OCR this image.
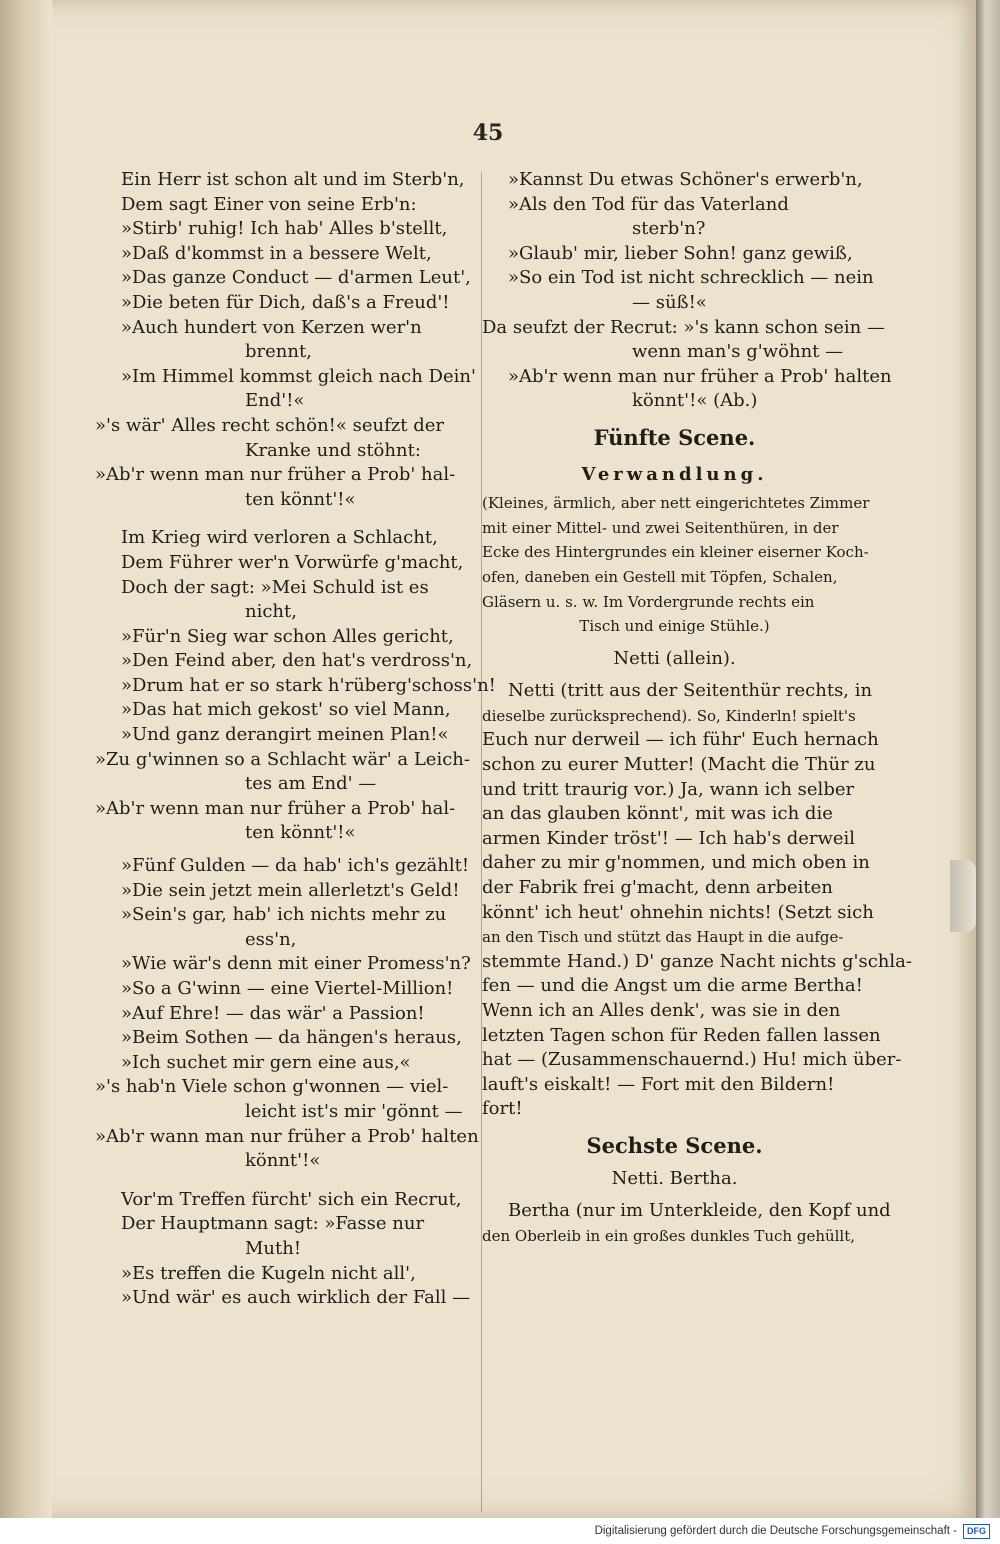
45
Ein Herr ist schon alt und im Sterb'n,
Dem sagt Einer von seine Erb'n:
»Stirb' ruhig! Ich hab' Alles b'stellt,
»Daß d'kommst in a bessere Welt,
»Das ganze Conduct — d'armen Leut',
»Die beten für Dich, daß's a Freud'!
»Auch hundert von Kerzen wer'n
brennt,
»Im Himmel kommst gleich nach Dein'
End'!«
»'s wär' Alles recht schön!« seufzt der
Kranke und stöhnt:
»Ab'r wenn man nur früher a Prob' hal-
ten könnt'!«
Im Krieg wird verloren a Schlacht,
Dem Führer wer'n Vorwürfe g'macht,
Doch der sagt: »Mei Schuld ist es
nicht,
»Für'n Sieg war schon Alles gericht,
»Den Feind aber, den hat's verdross'n,
»Drum hat er so stark h'rüberg'schoss'n!
»Das hat mich gekost' so viel Mann,
»Und ganz derangirt meinen Plan!«
»Zu g'winnen so a Schlacht wär' a Leich-
tes am End' —
»Ab'r wenn man nur früher a Prob' hal-
ten könnt'!«
»Fünf Gulden — da hab' ich's gezählt!
»Die sein jetzt mein allerletzt's Geld!
»Sein's gar, hab' ich nichts mehr zu
ess'n,
»Wie wär's denn mit einer Promess'n?
»So a G'winn — eine Viertel-Million!
»Auf Ehre! — das wär' a Passion!
»Beim Sothen — da hängen's heraus,
»Ich suchet mir gern eine aus,«
»'s hab'n Viele schon g'wonnen — viel-
leicht ist's mir 'gönnt —
»Ab'r wann man nur früher a Prob' halten
könnt'!«
Vor'm Treffen fürcht' sich ein Recrut,
Der Hauptmann sagt: »Fasse nur
Muth!
»Es treffen die Kugeln nicht all',
»Und wär' es auch wirklich der Fall —
»Kannst Du etwas Schöner's erwerb'n,
»Als den Tod für das Vaterland
sterb'n?
»Glaub' mir, lieber Sohn! ganz gewiß,
»So ein Tod ist nicht schrecklich — nein
— süß!«
Da seufzt der Recrut: »'s kann schon sein —
wenn man's g'wöhnt —
»Ab'r wenn man nur früher a Prob' halten
könnt'!« (Ab.)
Fünfte Scene.
Verwandlung.
(Kleines, ärmlich, aber nett eingerichtetes Zimmer
mit einer Mittel- und zwei Seitenthüren, in der
Ecke des Hintergrundes ein kleiner eiserner Koch-
ofen, daneben ein Gestell mit Töpfen, Schalen,
Gläsern u. s. w. Im Vordergrunde rechts ein
Tisch und einige Stühle.)
Netti (allein).
Netti (tritt aus der Seitenthür rechts, in
dieselbe zurücksprechend). So, Kinderln! spielt's
Euch nur derweil — ich führ' Euch hernach
schon zu eurer Mutter! (Macht die Thür zu
und tritt traurig vor.) Ja, wann ich selber
an das glauben könnt', mit was ich die
armen Kinder tröst'! — Ich hab's derweil
daher zu mir g'nommen, und mich oben in
der Fabrik frei g'macht, denn arbeiten
könnt' ich heut' ohnehin nichts! (Setzt sich
an den Tisch und stützt das Haupt in die aufge-
stemmte Hand.) D' ganze Nacht nichts g'schla-
fen — und die Angst um die arme Bertha!
Wenn ich an Alles denk', was sie in den
letzten Tagen schon für Reden fallen lassen
hat — (Zusammenschauernd.) Hu! mich über-
lauft's eiskalt! — Fort mit den Bildern!
fort!
Sechste Scene.
Netti. Bertha.
Bertha (nur im Unterkleide, den Kopf und
den Oberleib in ein großes dunkles Tuch gehüllt,
Digitalisierung gefördert durch die Deutsche Forschungsgemeinschaft -	DFG
